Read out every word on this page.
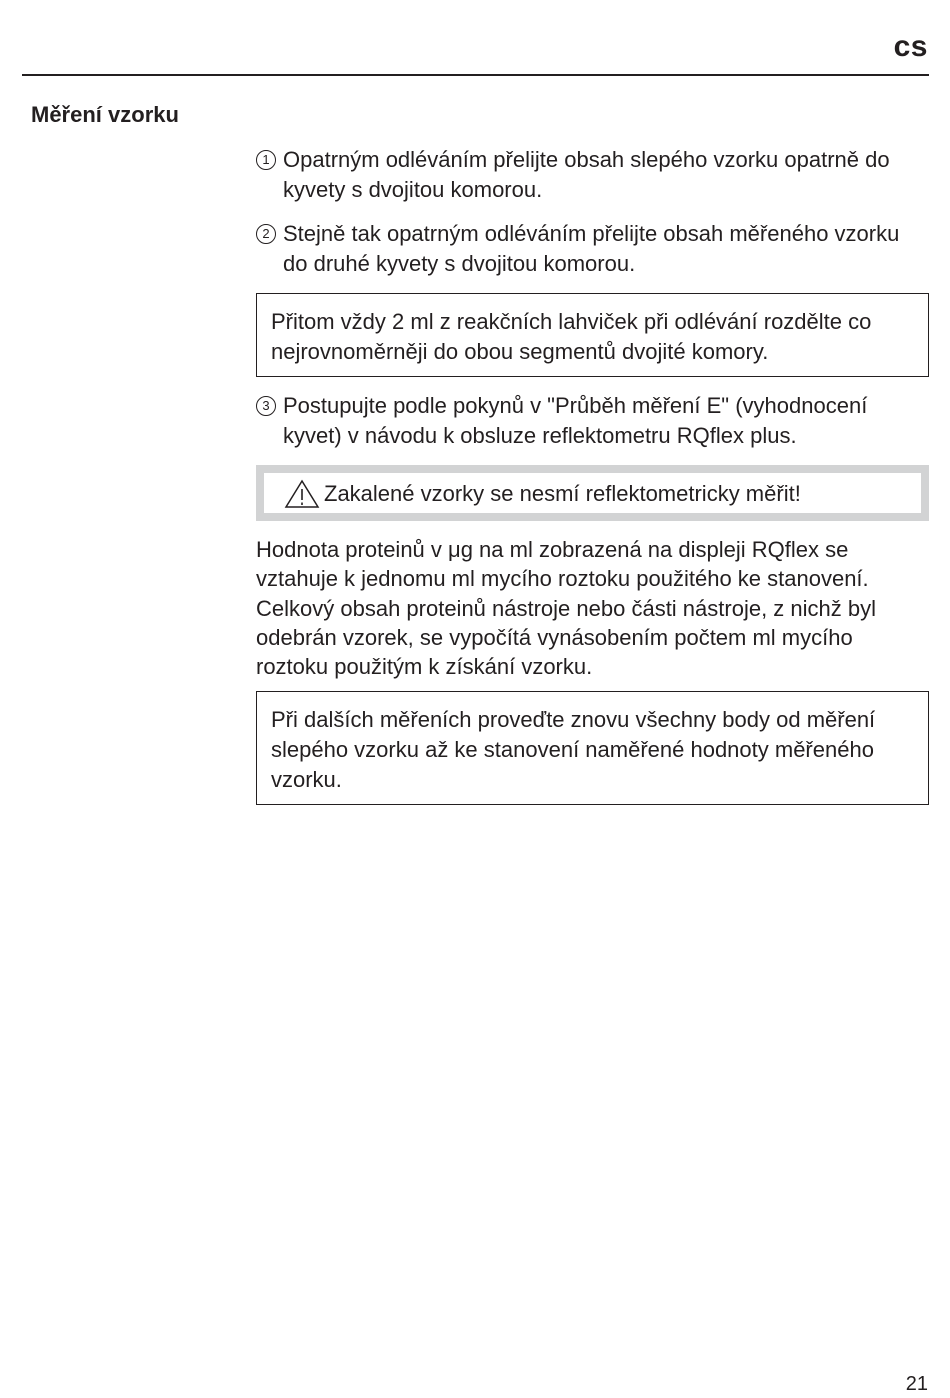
cs
Měření vzorku
1 Opatrným odléváním přelijte obsah slepého vzorku opatrně do kyvety s dvojitou komorou.
2 Stejně tak opatrným odléváním přelijte obsah měřeného vzorku do druhé kyvety s dvojitou komorou.
Přitom vždy 2 ml z reakčních lahviček při odlévání rozdělte co nejrovnoměrněji do obou segmentů dvojité komory.
3 Postupujte podle pokynů v "Průběh měření E" (vyhodnocení kyvet) v návodu k obsluze reflektometru RQflex plus.
Zakalené vzorky se nesmí reflektometricky měřit!

Hodnota proteinů v μg na ml zobrazená na displeji RQflex se vztahuje k jednomu ml mycího roztoku použitého ke stanovení. Celkový obsah proteinů nástroje nebo části nástroje, z nichž byl odebrán vzorek, se vypočítá vynásobením počtem ml mycího roztoku použitým k získání vzorku.

Při dalších měřeních proveďte znovu všechny body od měření slepého vzorku až ke stanovení naměřené hodnoty měřeného vzorku.
21
